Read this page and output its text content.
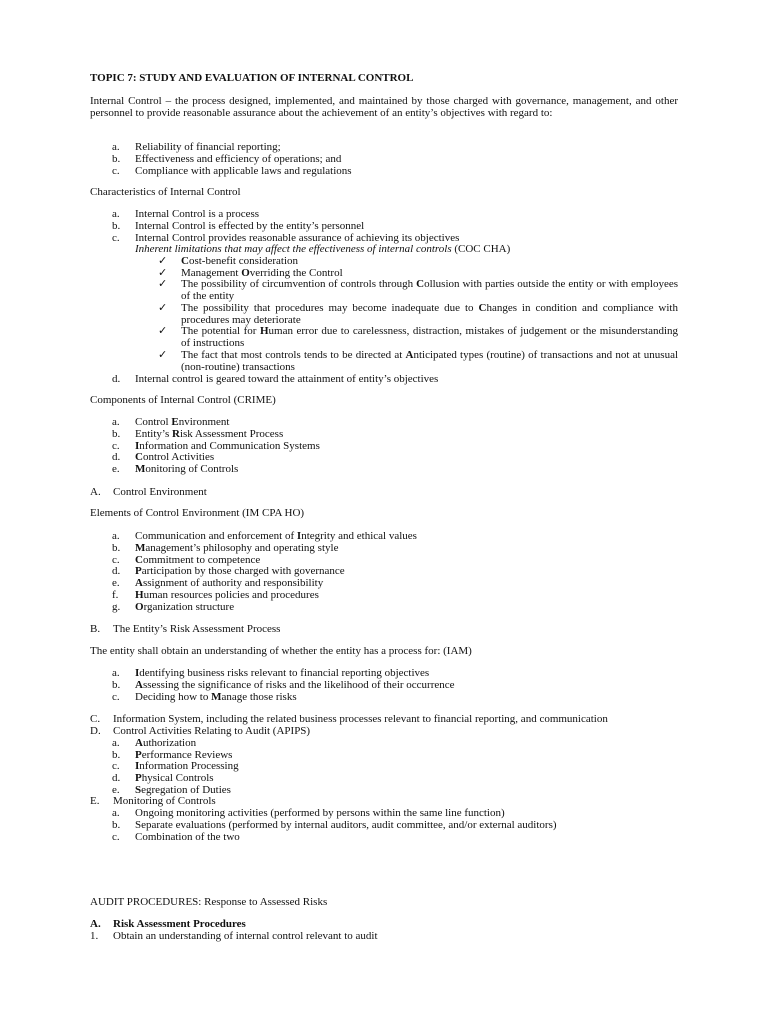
TOPIC 7: STUDY AND EVALUATION OF INTERNAL CONTROL
Internal Control – the process designed, implemented, and maintained by those charged with governance, management, and other personnel to provide reasonable assurance about the achievement of an entity’s objectives with regard to:
a. Reliability of financial reporting;
b. Effectiveness and efficiency of operations; and
c. Compliance with applicable laws and regulations
Characteristics of Internal Control
a. Internal Control is a process
b. Internal Control is effected by the entity’s personnel
c. Internal Control provides reasonable assurance of achieving its objectives
Inherent limitations that may affect the effectiveness of internal controls (COC CHA)
✓ Cost-benefit consideration
✓ Management Overriding the Control
✓ The possibility of circumvention of controls through Collusion with parties outside the entity or with employees of the entity
✓ The possibility that procedures may become inadequate due to Changes in condition and compliance with procedures may deteriorate
✓ The potential for Human error due to carelessness, distraction, mistakes of judgement or the misunderstanding of instructions
✓ The fact that most controls tends to be directed at Anticipated types (routine) of transactions and not at unusual (non-routine) transactions
d. Internal control is geared toward the attainment of entity’s objectives
Components of Internal Control (CRIME)
a. Control Environment
b. Entity’s Risk Assessment Process
c. Information and Communication Systems
d. Control Activities
e. Monitoring of Controls
A. Control Environment
Elements of Control Environment (IM CPA HO)
a. Communication and enforcement of Integrity and ethical values
b. Management’s philosophy and operating style
c. Commitment to competence
d. Participation by those charged with governance
e. Assignment of authority and responsibility
f. Human resources policies and procedures
g. Organization structure
B. The Entity’s Risk Assessment Process
The entity shall obtain an understanding of whether the entity has a process for: (IAM)
a. Identifying business risks relevant to financial reporting objectives
b. Assessing the significance of risks and the likelihood of their occurrence
c. Deciding how to Manage those risks
C. Information System, including the related business processes relevant to financial reporting, and communication
D. Control Activities Relating to Audit (APIPS)
a. Authorization
b. Performance Reviews
c. Information Processing
d. Physical Controls
e. Segregation of Duties
E. Monitoring of Controls
a. Ongoing monitoring activities (performed by persons within the same line function)
b. Separate evaluations (performed by internal auditors, audit committee, and/or external auditors)
c. Combination of the two
AUDIT PROCEDURES: Response to Assessed Risks
A. Risk Assessment Procedures
1. Obtain an understanding of internal control relevant to audit
